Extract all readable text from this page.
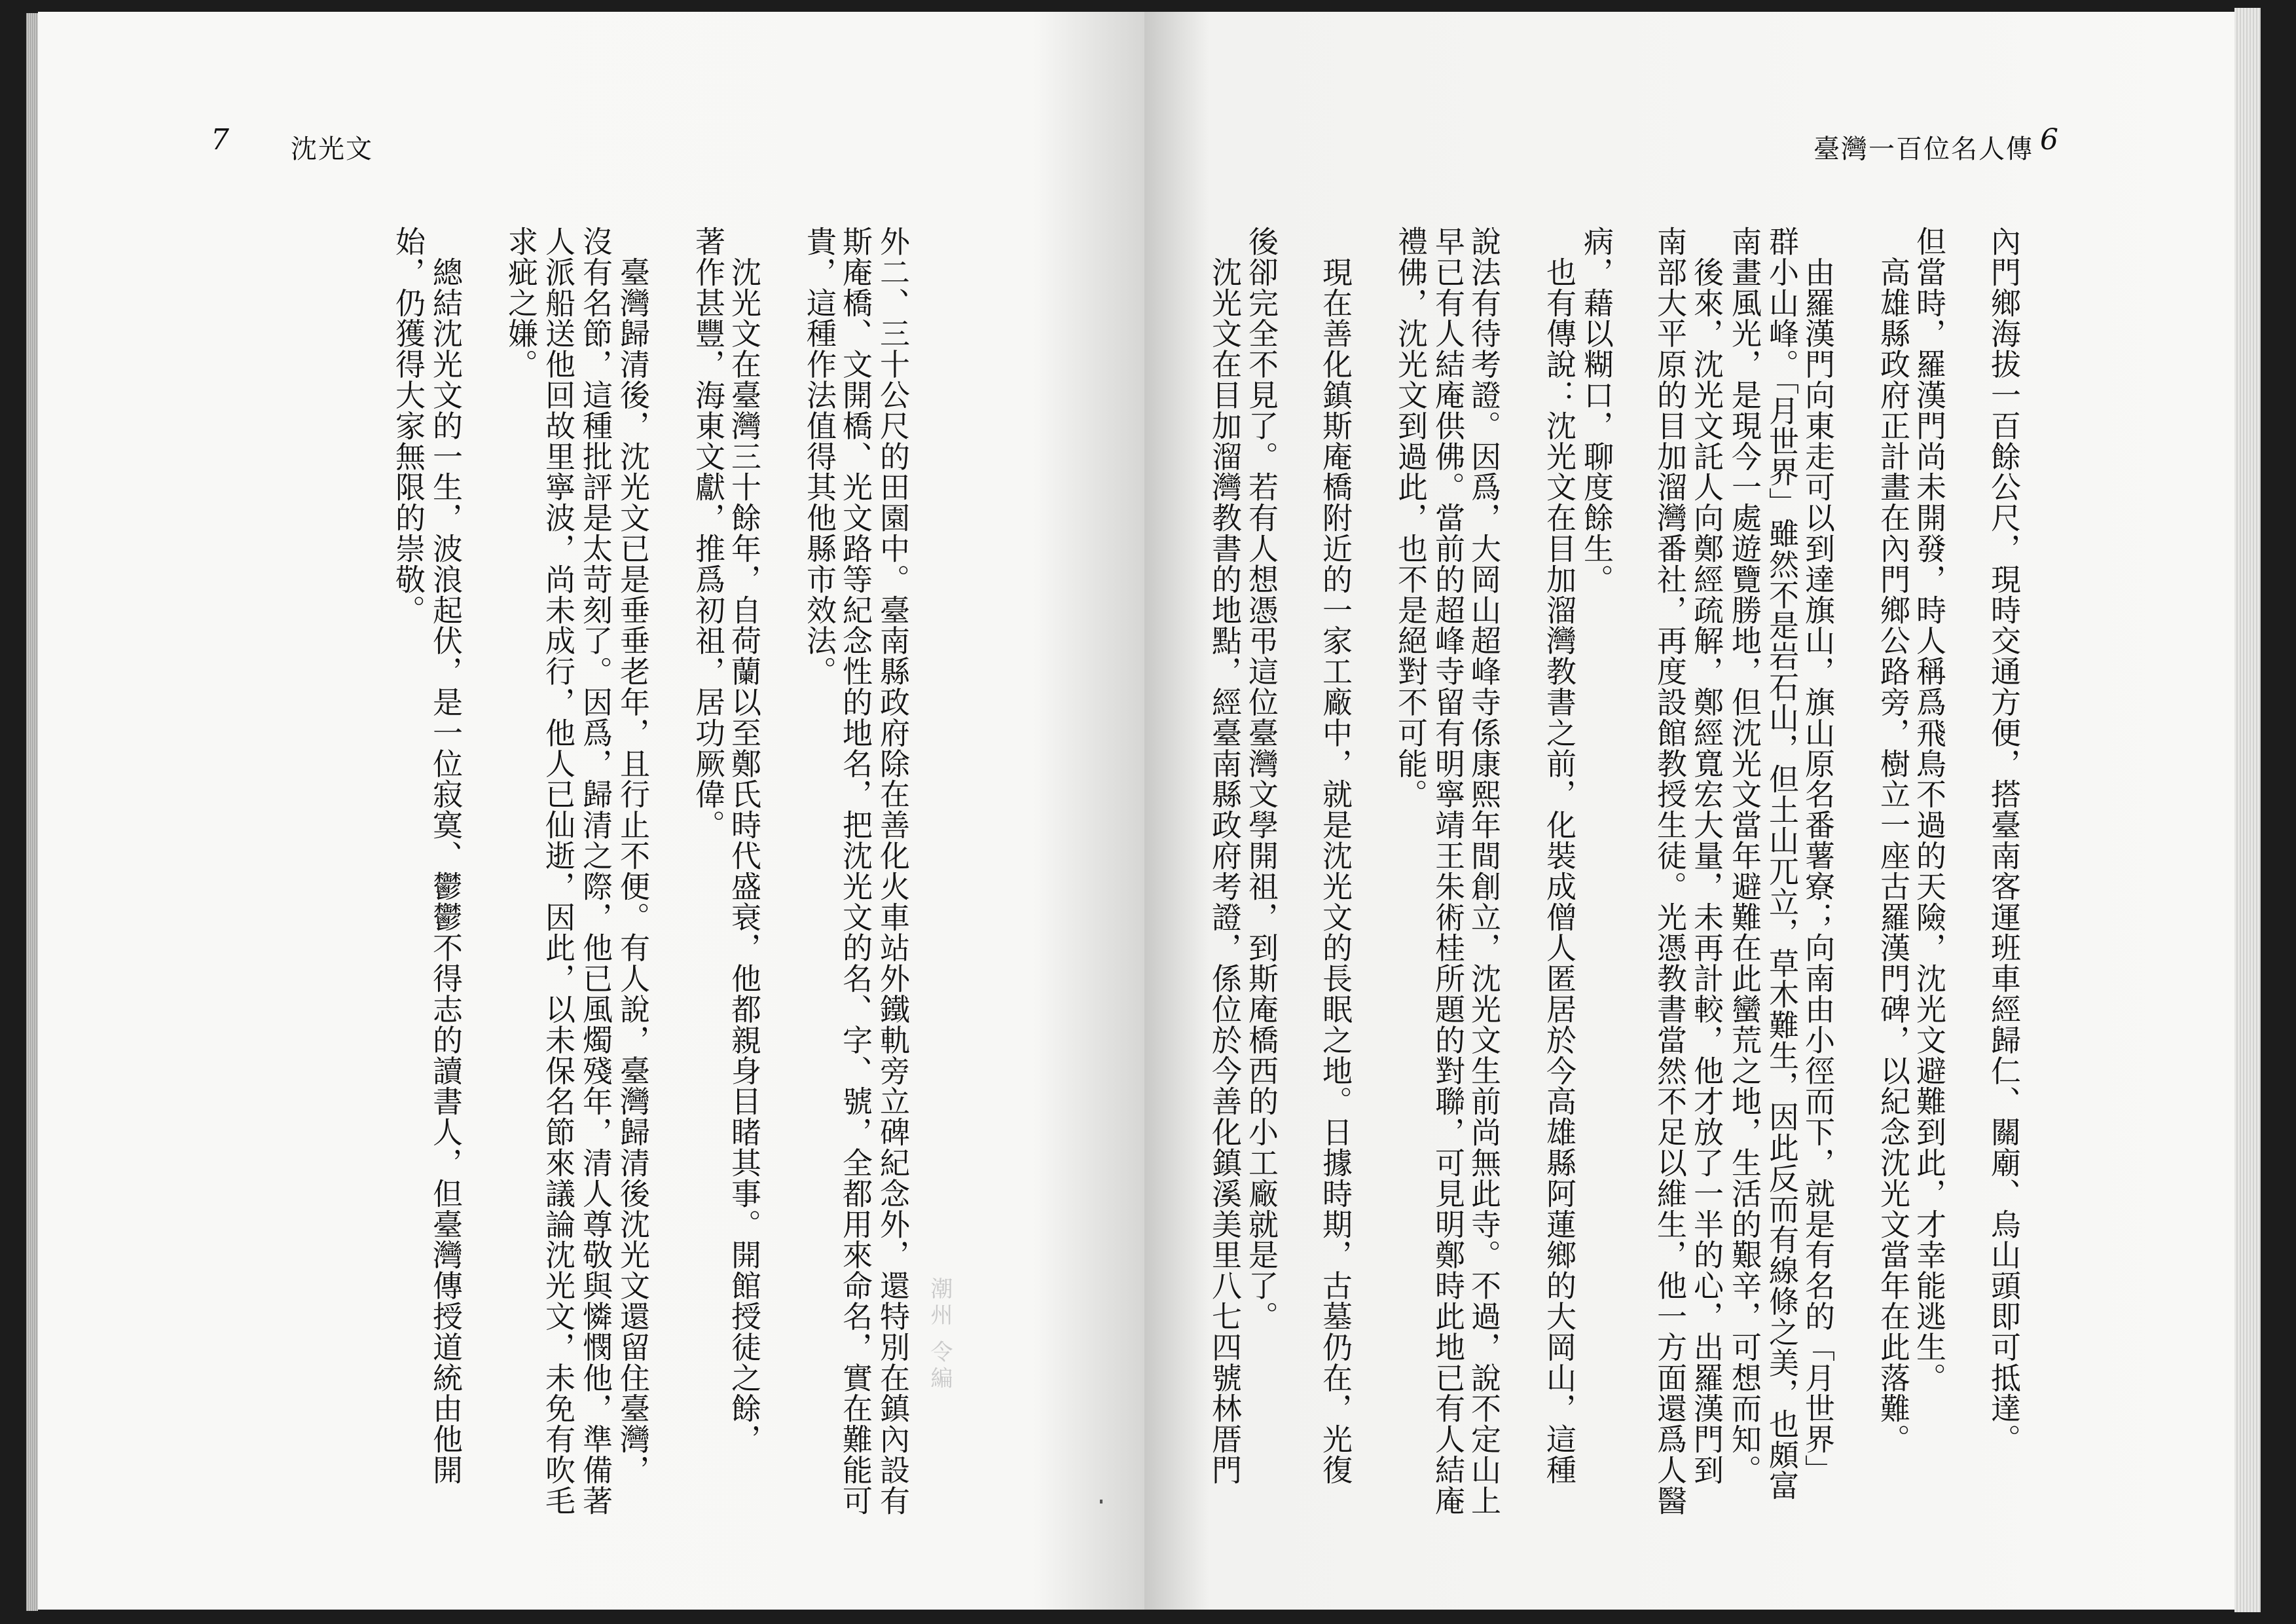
7 沈光文	臺灣一百位名人傳 6
內門鄉海拔一百餘公尺，現時交通方便，搭臺南客運班車經歸仁、關廟、烏山頭即可抵達。
但當時，羅漢門尚未開發，時人稱爲飛鳥不過的天險，沈光文避難到此，才幸能逃生。
　高雄縣政府正計畫在內門鄉公路旁，樹立一座古羅漢門碑，以紀念沈光文當年在此落難。
　由羅漢門向東走可以到達旗山，旗山原名番薯寮；向南由小徑而下，就是有名的「月世界」
群小山峰。「月世界」雖然不是岩石山，但土山兀立，草木難生，因此反而有線條之美，也頗富
南畫風光，是現今一處遊覽勝地，但沈光文當年避難在此蠻荒之地，生活的艱辛，可想而知。
　後來，沈光文託人向鄭經疏解，鄭經寬宏大量，未再計較，他才放了一半的心，出羅漢門到
南部大平原的目加溜灣番社，再度設館教授生徒。光憑教書當然不足以維生，他一方面還爲人醫
病，藉以糊口，聊度餘生。
　也有傳說：沈光文在目加溜灣教書之前，化裝成僧人匿居於今高雄縣阿蓮鄉的大岡山，這種
說法有待考證。因爲，大岡山超峰寺係康熙年間創立，沈光文生前尚無此寺。不過，說不定山上
早已有人結庵供佛。當前的超峰寺留有明寧靖王朱術桂所題的對聯，可見明鄭時此地已有人結庵
禮佛，沈光文到過此，也不是絕對不可能。
　現在善化鎮斯庵橋附近的一家工廠中，就是沈光文的長眠之地。日據時期，古墓仍在，光復
後卻完全不見了。若有人想憑弔這位臺灣文學開祖，到斯庵橋西的小工廠就是了。
　沈光文在目加溜灣教書的地點，經臺南縣政府考證，係位於今善化鎮溪美里八七四號林厝門
外二、三十公尺的田園中。臺南縣政府除在善化火車站外鐵軌旁立碑紀念外，還特別在鎮內設有
斯庵橋、文開橋、光文路等紀念性的地名，把沈光文的名、字、號，全都用來命名，實在難能可
貴，這種作法值得其他縣市效法。
　沈光文在臺灣三十餘年，自荷蘭以至鄭氏時代盛衰，他都親身目睹其事。開館授徒之餘，
著作甚豐，海東文獻，推爲初祖，居功厥偉。
　臺灣歸清後，沈光文已是垂垂老年，且行止不便。有人說，臺灣歸清後沈光文還留住臺灣，
沒有名節，這種批評是太苛刻了。因爲，歸清之際，他已風燭殘年，清人尊敬與憐憫他，準備著
人派船送他回故里寧波，尚未成行，他人已仙逝，因此，以未保名節來議論沈光文，未免有吹毛
求疵之嫌。
　總結沈光文的一生，波浪起伏，是一位寂寞、鬱鬱不得志的讀書人，但臺灣傳授道統由他開
始，仍獲得大家無限的崇敬。
潮州 令編
